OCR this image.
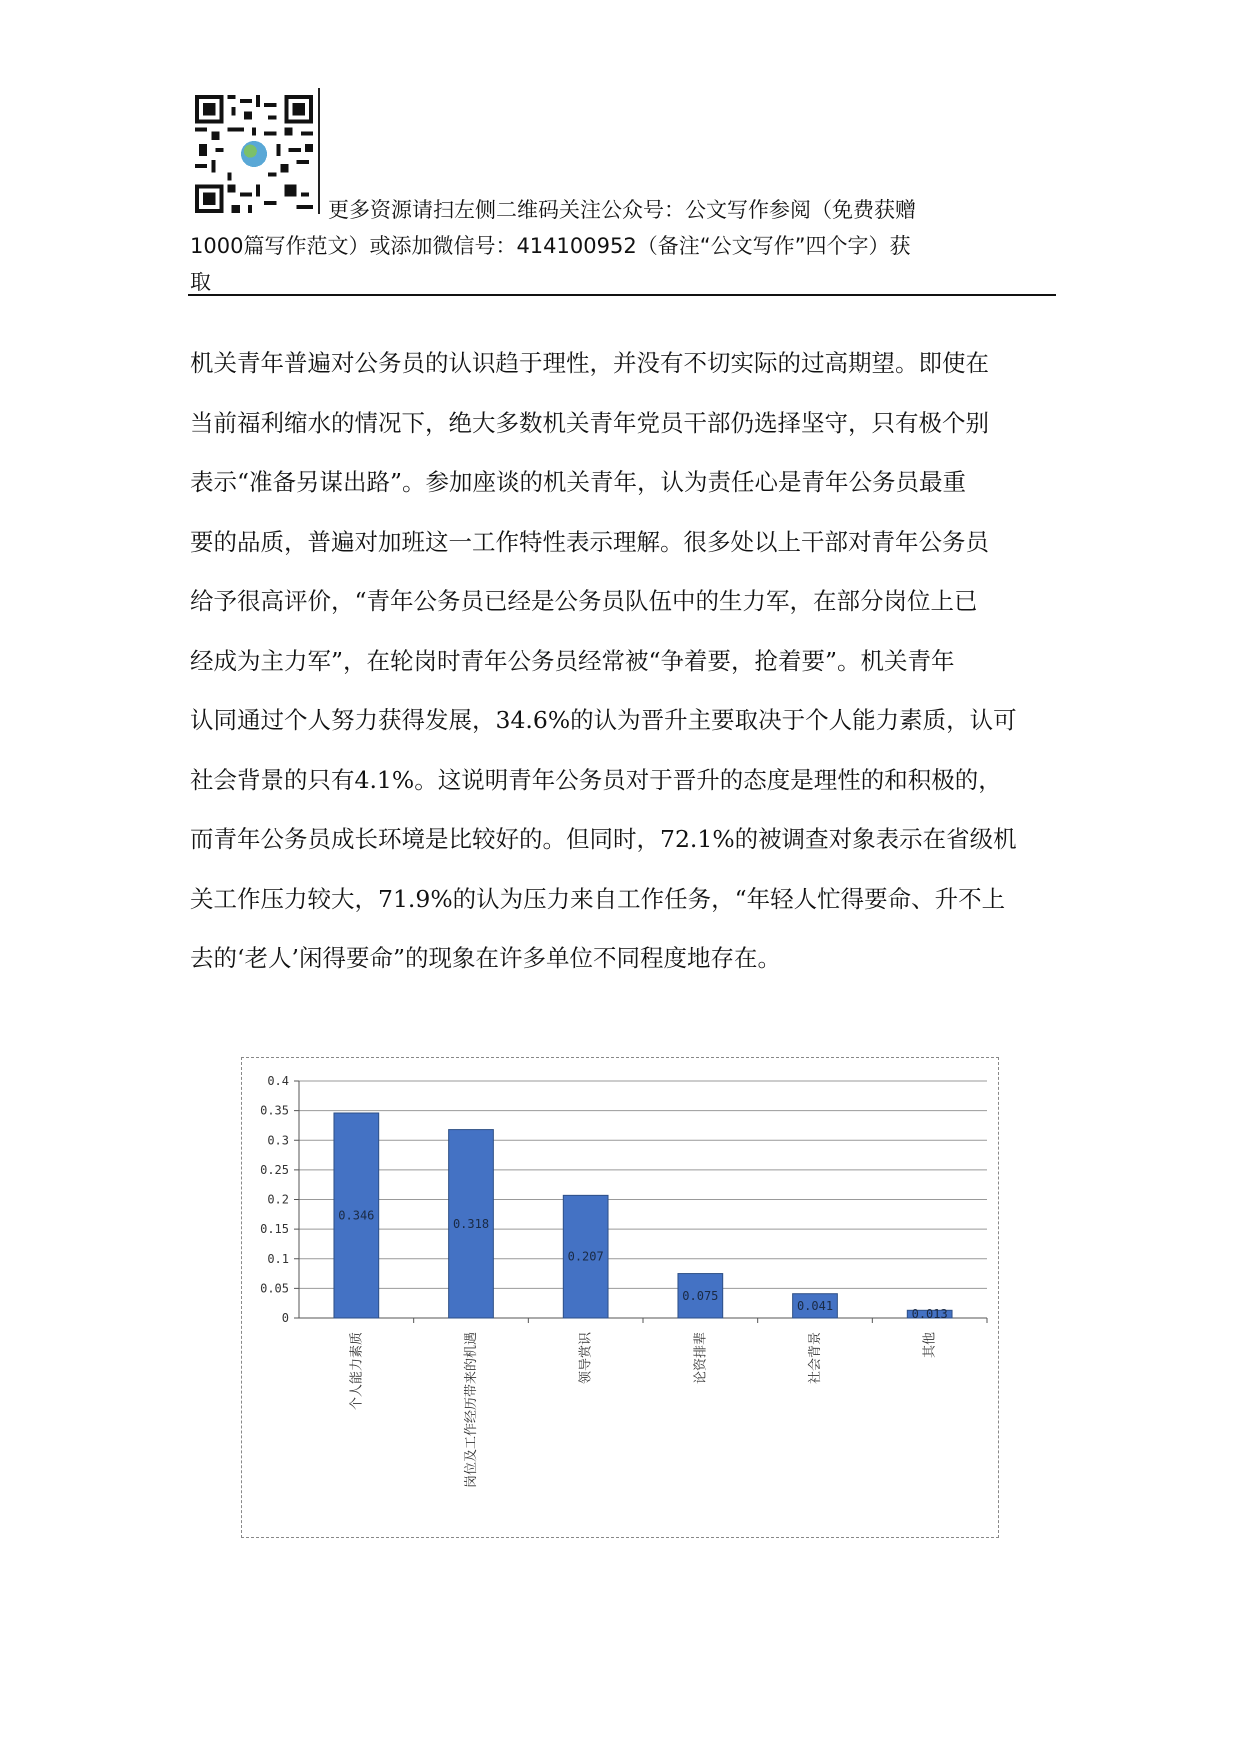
更多资源请扫左侧二维码关注公众号：公文写作参阅（免费获赠
1000篇写作范文）或添加微信号：414100952（备注“公文写作”四个字）获
取
机关青年普遍对公务员的认识趋于理性，并没有不切实际的过高期望。即使在
当前福利缩水的情况下，绝大多数机关青年党员干部仍选择坚守，只有极个别
表示“准备另谋出路”。参加座谈的机关青年，认为责任心是青年公务员最重
要的品质，普遍对加班这一工作特性表示理解。很多处以上干部对青年公务员
给予很高评价，“青年公务员已经是公务员队伍中的生力军，在部分岗位上已
经成为主力军”，在轮岗时青年公务员经常被“争着要，抢着要”。机关青年
认同通过个人努力获得发展，34.6%的认为晋升主要取决于个人能力素质，认可
社会背景的只有4.1%。这说明青年公务员对于晋升的态度是理性的和积极的，
而青年公务员成长环境是比较好的。但同时，72.1%的被调查对象表示在省级机
关工作压力较大，71.9%的认为压力来自工作任务，“年轻人忙得要命、升不上
去的‘老人’闲得要命”的现象在许多单位不同程度地存在。
0
0.05
0.1
0.15
0.2
0.25
0.3
0.35
0.4
0.346
个人能力素质
0.318
岗位及工作经历带来的机遇
0.207
领导赏识
0.075
论资排辈
0.041
社会背景
0.013
其他
